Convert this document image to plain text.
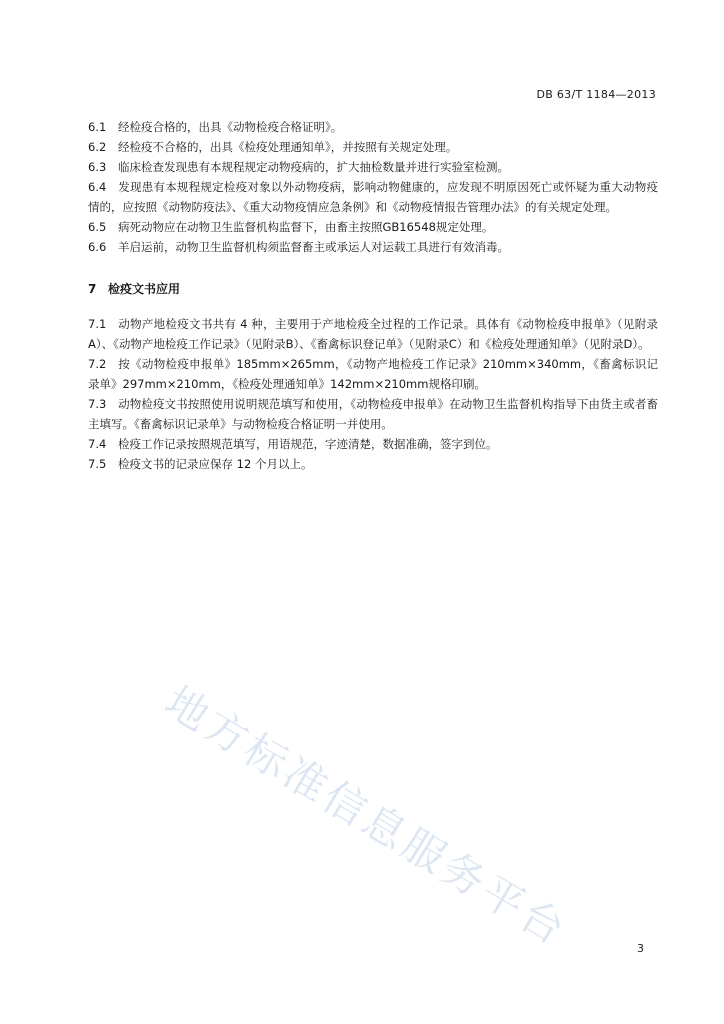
DB 63/T 1184—2013

6.1 经检疫合格的，出具《动物检疫合格证明》。

6.2 经检疫不合格的，出具《检疫处理通知单》，并按照有关规定处理。

6.3 临床检查发现患有本规程规定动物疫病的，扩大抽检数量并进行实验室检测。

6.4 发现患有本规程规定检疫对象以外动物疫病，影响动物健康的，应发现不明原因死亡或怀疑为重大动物疫情的，应按照《动物防疫法》、《重大动物疫情应急条例》和《动物疫情报告管理办法》的有关规定处理。

6.5 病死动物应在动物卫生监督机构监督下，由畜主按照GB16548规定处理。

6.6 羊启运前，动物卫生监督机构须监督畜主或承运人对运载工具进行有效消毒。

7 检疫文书应用

7.1 动物产地检疫文书共有 4 种，主要用于产地检疫全过程的工作记录。具体有《动物检疫申报单》（见附录A）、《动物产地检疫工作记录》（见附录B）、《畜禽标识登记单》（见附录C）和《检疫处理通知单》（见附录D）。

7.2 按《动物检疫申报单》185mm×265mm，《动物产地检疫工作记录》210mm×340mm，《畜禽标识记录单》297mm×210mm，《检疫处理通知单》142mm×210mm规格印刷。

7.3 动物检疫文书按照使用说明规范填写和使用，《动物检疫申报单》在动物卫生监督机构指导下由货主或者畜主填写。《畜禽标识记录单》与动物检疫合格证明一并使用。

7.4 检疫工作记录按照规范填写，用语规范，字迹清楚，数据准确，签字到位。

7.5 检疫文书的记录应保存 12 个月以上。

地方标准信息服务平台	3
